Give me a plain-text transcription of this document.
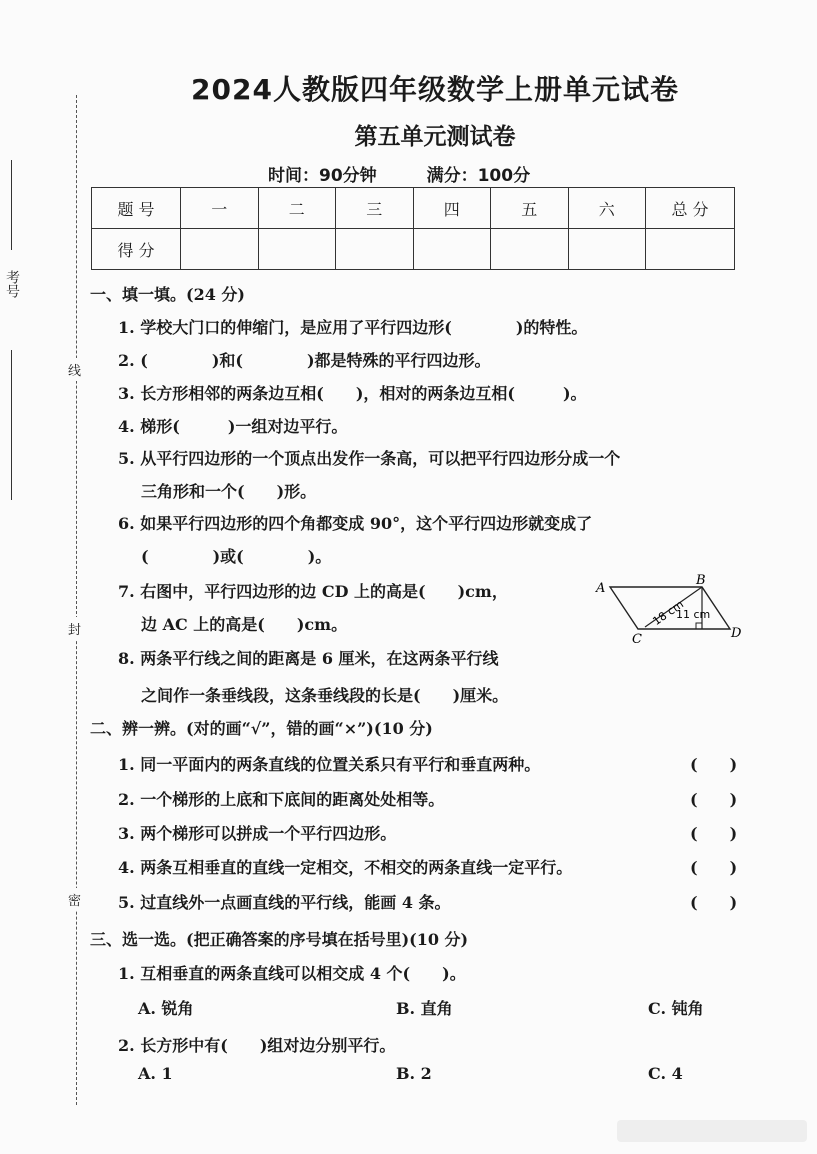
考号
线
封
密
2024人教版四年级数学上册单元试卷
第五单元测试卷
时间：90分钟	满分：100分
题 号	一	二	三	四	五	六	总 分
得 分							
一、填一填。(24 分)
1. 学校大门口的伸缩门，是应用了平行四边形(　　　　)的特性。
2. (　　　　)和(　　　　)都是特殊的平行四边形。
3. 长方形相邻的两条边互相(　　)，相对的两条边互相(　　　)。
4. 梯形(　　　)一组对边平行。
5. 从平行四边形的一个顶点出发作一条高，可以把平行四边形分成一个
三角形和一个(　　)形。
6. 如果平行四边形的四个角都变成 90°，这个平行四边形就变成了
(　　　　)或(　　　　)。
7. 右图中，平行四边形的边 CD 上的高是(　　)cm，
边 AC 上的高是(　　)cm。
8. 两条平行线之间的距离是 6 厘米，在这两条平行线
之间作一条垂线段，这条垂线段的长是(　　)厘米。
A
B
C	D
18 cm
11 cm
二、辨一辨。(对的画“√”，错的画“×”)(10 分)
1. 同一平面内的两条直线的位置关系只有平行和垂直两种。	(　　)
2. 一个梯形的上底和下底间的距离处处相等。	(　　)
3. 两个梯形可以拼成一个平行四边形。	(　　)
4. 两条互相垂直的直线一定相交，不相交的两条直线一定平行。	(　　)
5. 过直线外一点画直线的平行线，能画 4 条。	(　　)
三、选一选。(把正确答案的序号填在括号里)(10 分)
1. 互相垂直的两条直线可以相交成 4 个(　　)。
A. 锐角	B. 直角	C. 钝角
2. 长方形中有(　　)组对边分别平行。
A. 1	B. 2	C. 4
